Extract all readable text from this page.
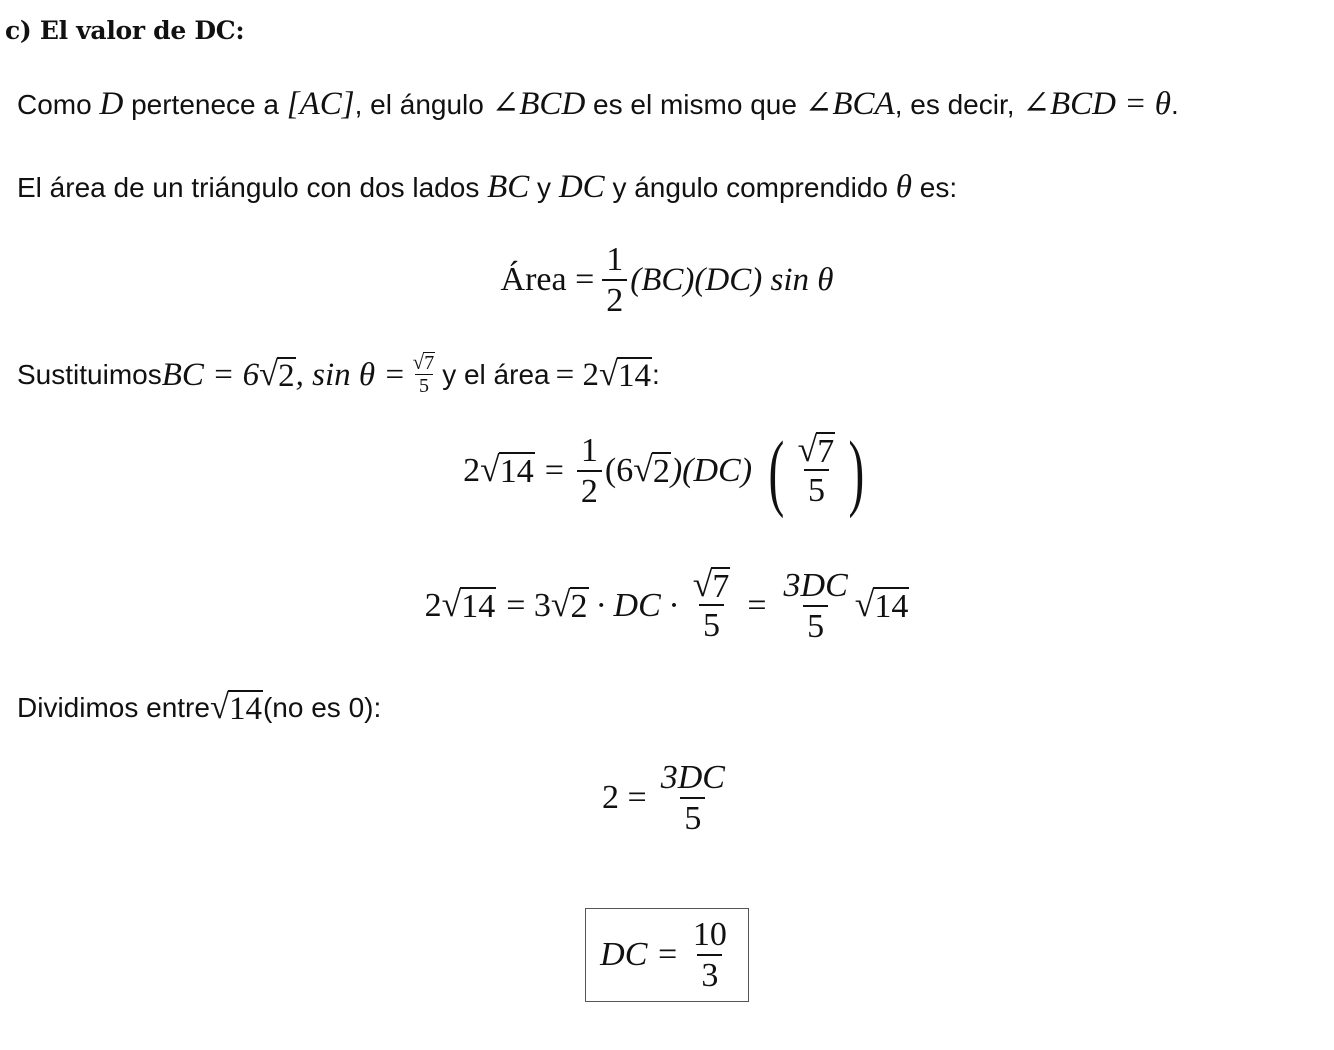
c) El valor de DC:
Como D pertenece a [AC], el ángulo ∠BCD es el mismo que ∠BCA, es decir, ∠BCD = θ.
El área de un triángulo con dos lados BC y DC y ángulo comprendido θ es:
Área = $\frac{1}{2} (BC)(DC)$ sin θ
Sustituimos BC = 6 √ 2 , $\sin \theta = \frac{√ 7}{5}$ y el área = 2 √ 14 :
2 √ $14 = \frac{1}{2} (6$ √ 2 )(DC) ( $\frac{√ 7}{5}$ )
2 √ 14 = 3 √ 2 · DC · $\frac{√ 7}{5} = \frac{3DC}{5}$ √ 14
Dividimos entre √ 14 (no es 0):
$2 = \frac{3DC}{5}$
DC = $\frac{10}{3}$
